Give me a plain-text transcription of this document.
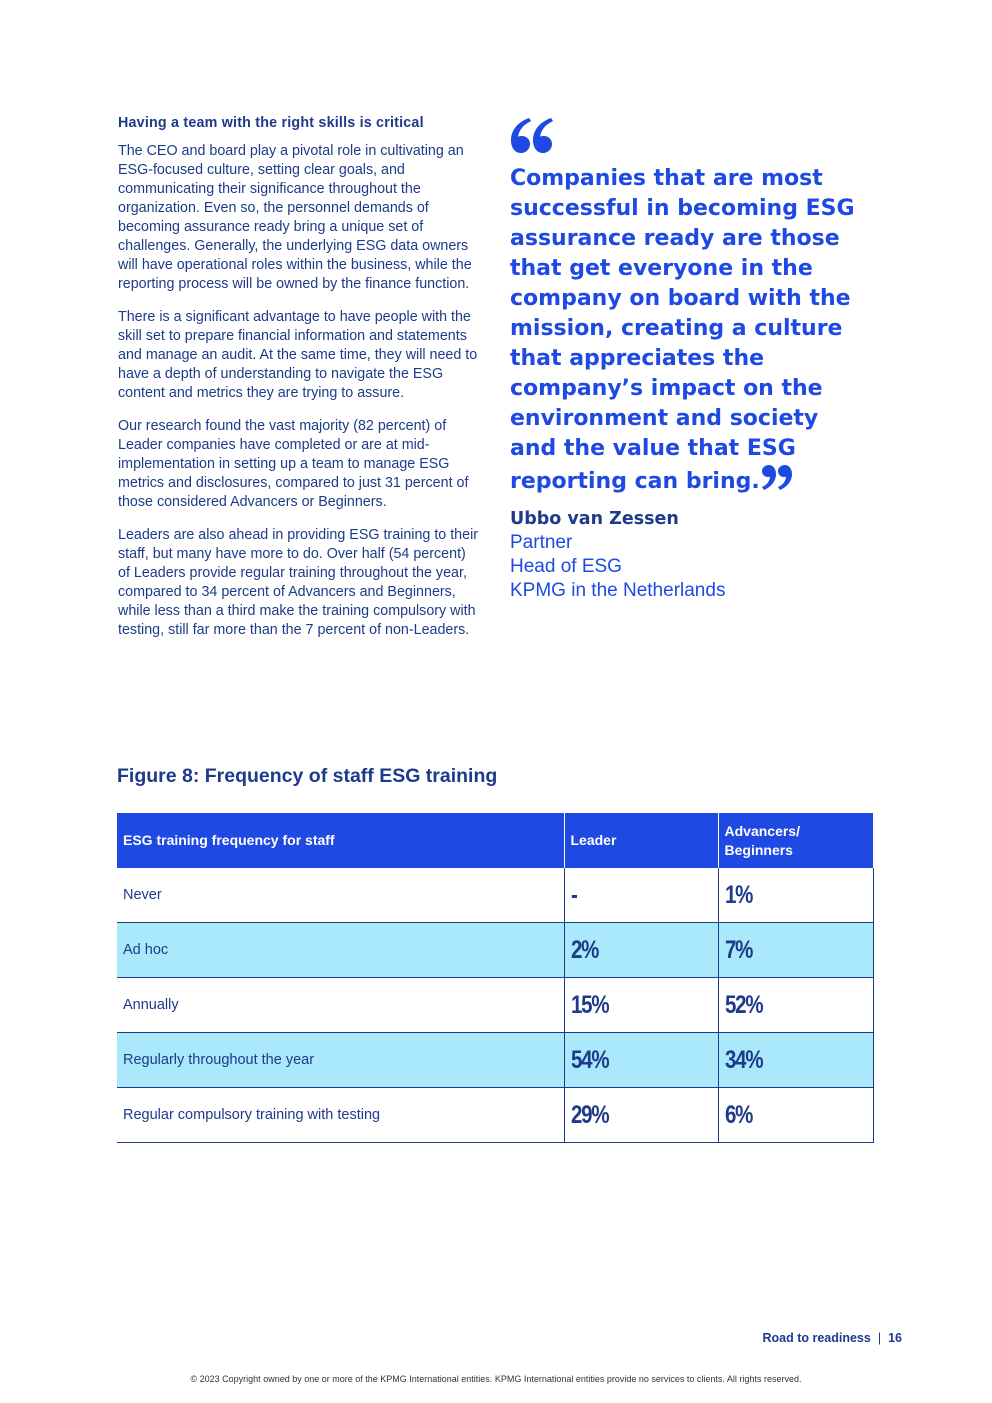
Having a team with the right skills is critical

The CEO and board play a pivotal role in cultivating an ESG-focused culture, setting clear goals, and communicating their significance throughout the organization. Even so, the personnel demands of becoming assurance ready bring a unique set of challenges. Generally, the underlying ESG data owners will have operational roles within the business, while the reporting process will be owned by the finance function.

There is a significant advantage to have people with the skill set to prepare financial information and statements and manage an audit. At the same time, they will need to have a depth of understanding to navigate the ESG content and metrics they are trying to assure.

Our research found the vast majority (82 percent) of Leader companies have completed or are at mid-implementation in setting up a team to manage ESG metrics and disclosures, compared to just 31 percent of those considered Advancers or Beginners.

Leaders are also ahead in providing ESG training to their staff, but many have more to do. Over half (54 percent) of Leaders provide regular training throughout the year, compared to 34 percent of Advancers and Beginners, while less than a third make the training compulsory with testing, still far more than the 7 percent of non-Leaders.

Companies that are most successful in becoming ESG assurance ready are those that get everyone in the company on board with the mission, creating a culture that appreciates the company’s impact on the environment and society and the value that ESG reporting can bring.

Ubbo van Zessen
Partner
Head of ESG
KPMG in the Netherlands
Figure 8: Frequency of staff ESG training
ESG training frequency for staff	Leader	Advancers/ Beginners
Never	-	1%
Ad hoc	2%	7%
Annually	15%	52%
Regularly throughout the year	54%	34%
Regular compulsory training with testing	29%	6%
Road to readiness | 16
© 2023 Copyright owned by one or more of the KPMG International entities. KPMG International entities provide no services to clients. All rights reserved.
